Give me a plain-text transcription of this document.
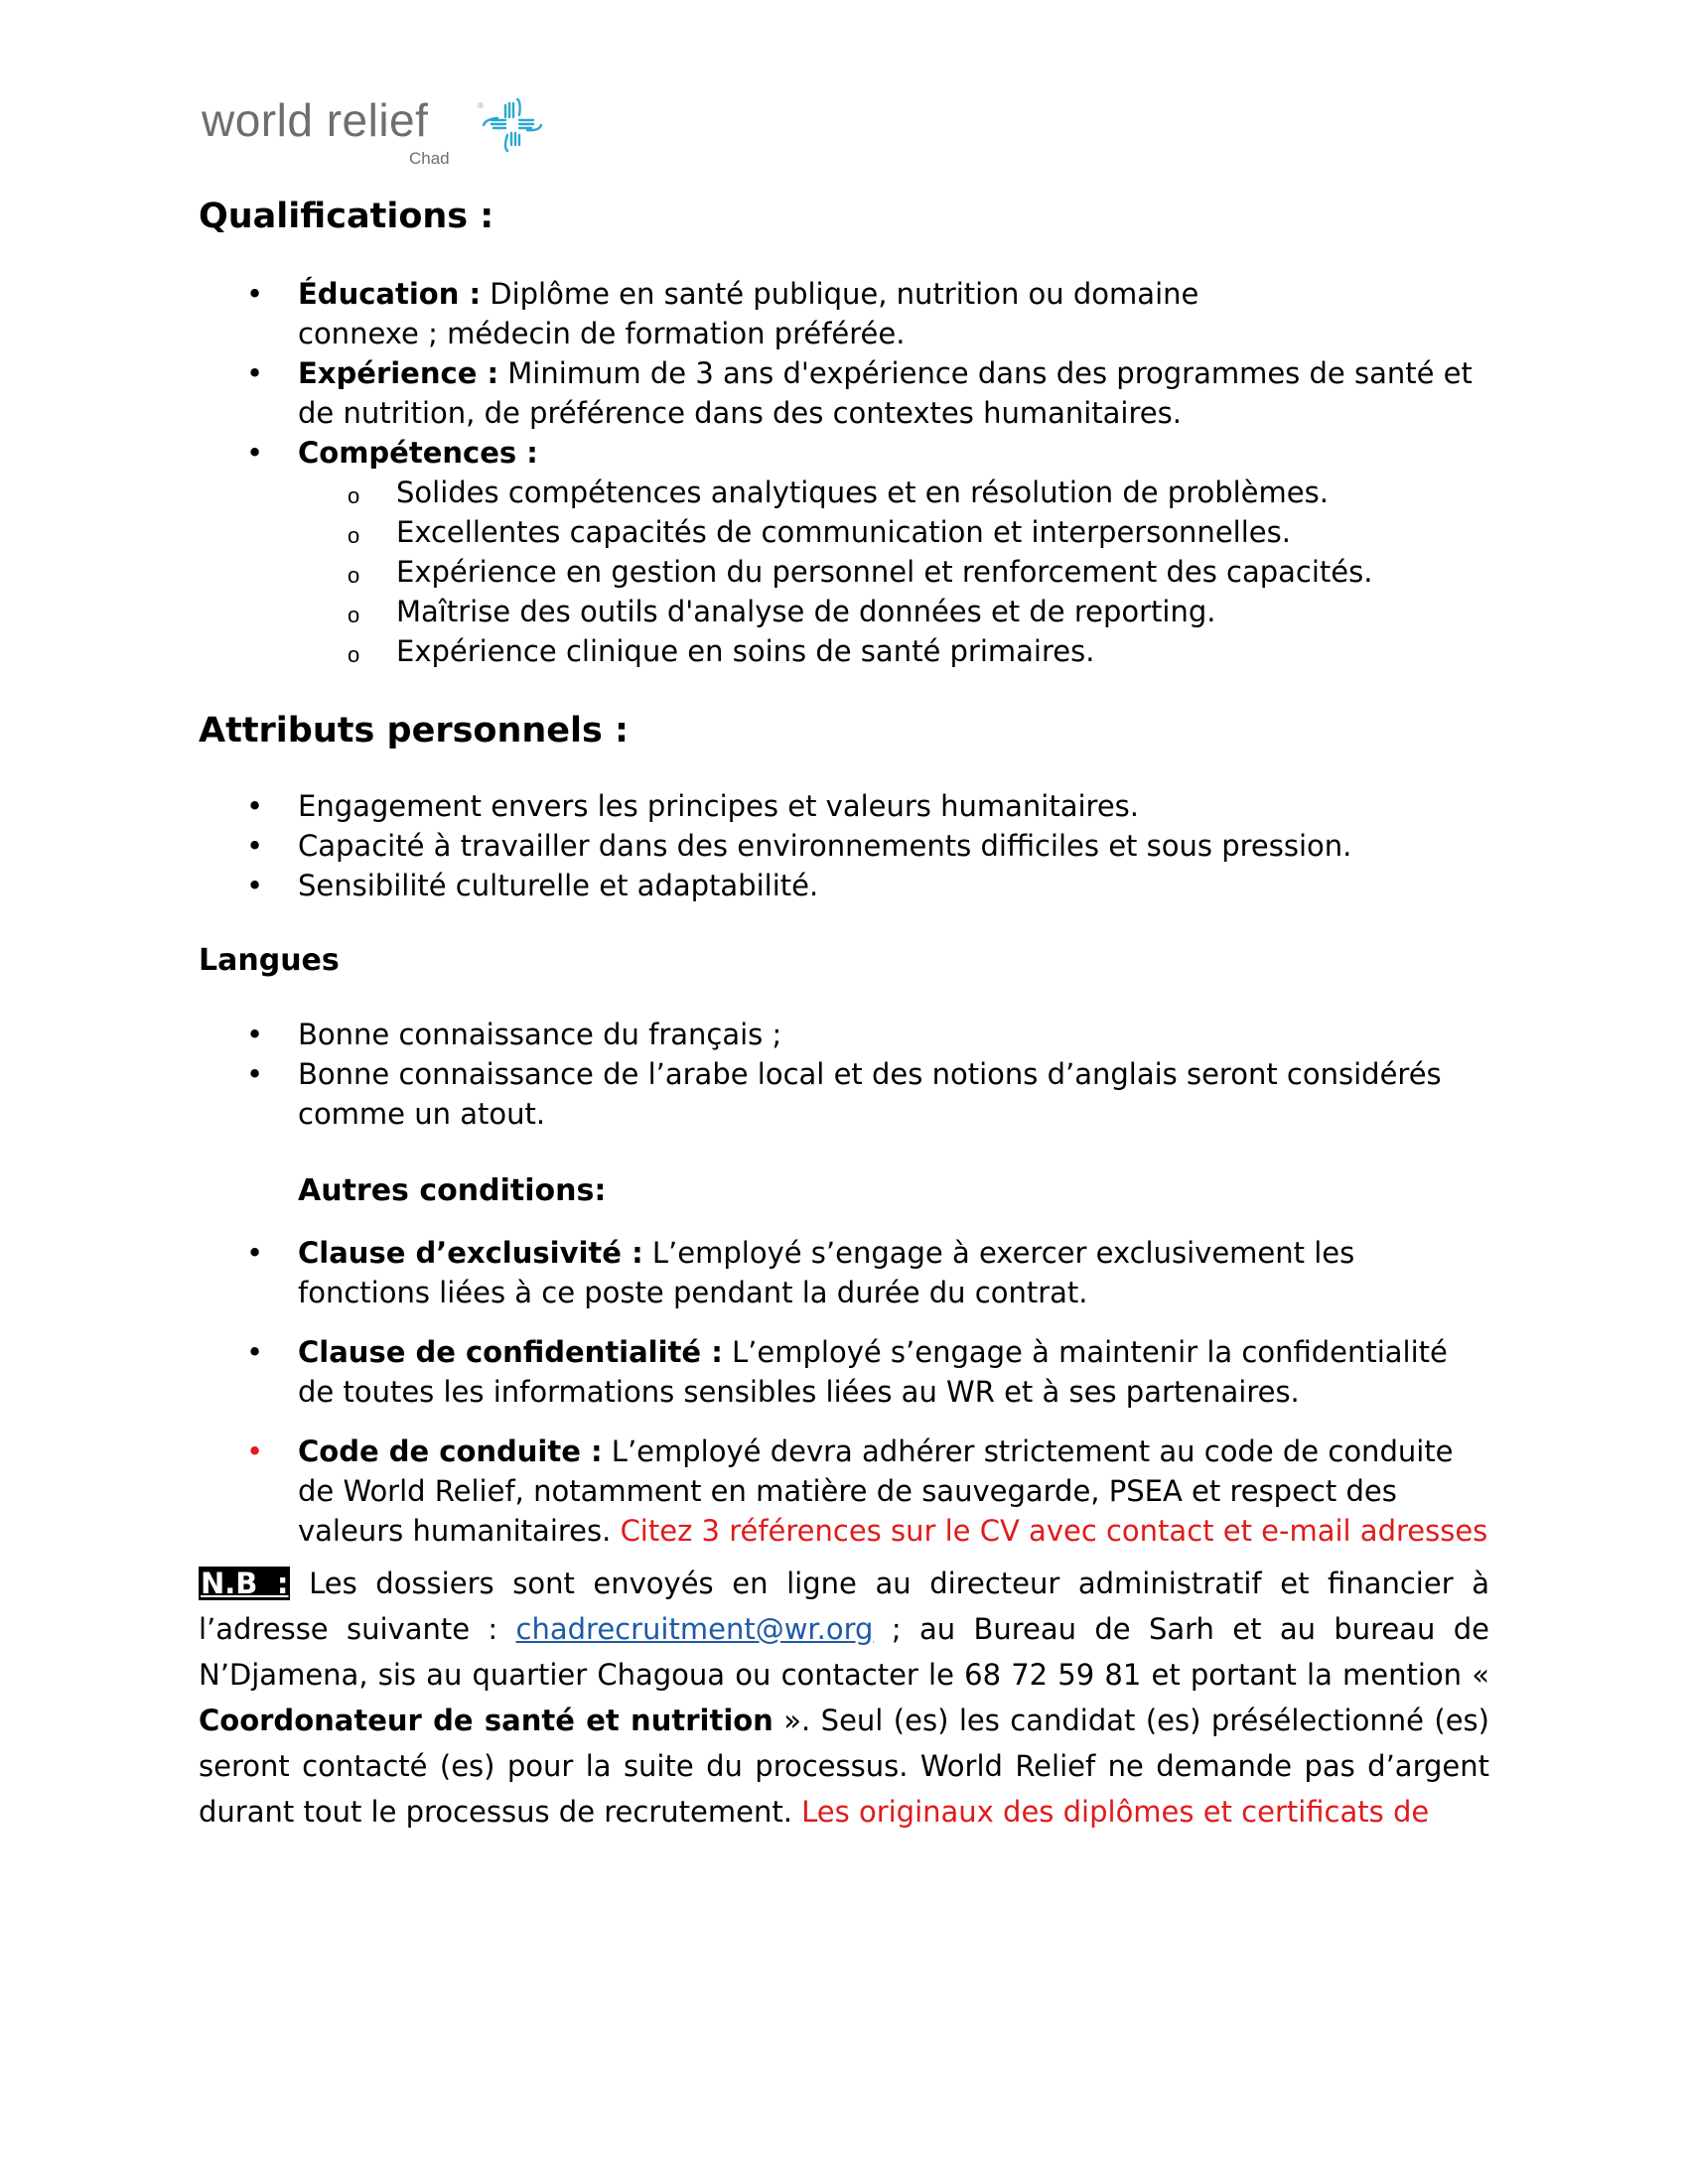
world relief	®
Chad
Qualifications :
• Éducation : Diplôme en santé publique, nutrition ou domaine connexe ; médecin de formation préférée.
• Expérience : Minimum de 3 ans d'expérience dans des programmes de santé et de nutrition, de préférence dans des contextes humanitaires.
• Compétences :
o Solides compétences analytiques et en résolution de problèmes.
o Excellentes capacités de communication et interpersonnelles.
o Expérience en gestion du personnel et renforcement des capacités.
o Maîtrise des outils d'analyse de données et de reporting.
o Expérience clinique en soins de santé primaires.
Attributs personnels :
• Engagement envers les principes et valeurs humanitaires.
• Capacité à travailler dans des environnements difficiles et sous pression.
• Sensibilité culturelle et adaptabilité.
Langues
• Bonne connaissance du français ;
• Bonne connaissance de l’arabe local et des notions d’anglais seront considérés comme un atout.
Autres conditions:
• Clause d’exclusivité : L’employé s’engage à exercer exclusivement les fonctions liées à ce poste pendant la durée du contrat.
• Clause de confidentialité : L’employé s’engage à maintenir la confidentialité de toutes les informations sensibles liées au WR et à ses partenaires.
• Code de conduite : L’employé devra adhérer strictement au code de conduite de World Relief, notamment en matière de sauvegarde, PSEA et respect des valeurs humanitaires. Citez 3 références sur le CV avec contact et e-mail adresses

N.B : Les dossiers sont envoyés en ligne au directeur administratif et financier à l’adresse suivante : chadrecruitment@wr.org ; au Bureau de Sarh et au bureau de N’Djamena, sis au quartier Chagoua ou contacter le 68 72 59 81 et portant la mention « Coordonateur de santé et nutrition ». Seul (es) les candidat (es) présélectionné (es) seront contacté (es) pour la suite du processus. World Relief ne demande pas d’argent durant tout le processus de recrutement. Les originaux des diplômes et certificats de
